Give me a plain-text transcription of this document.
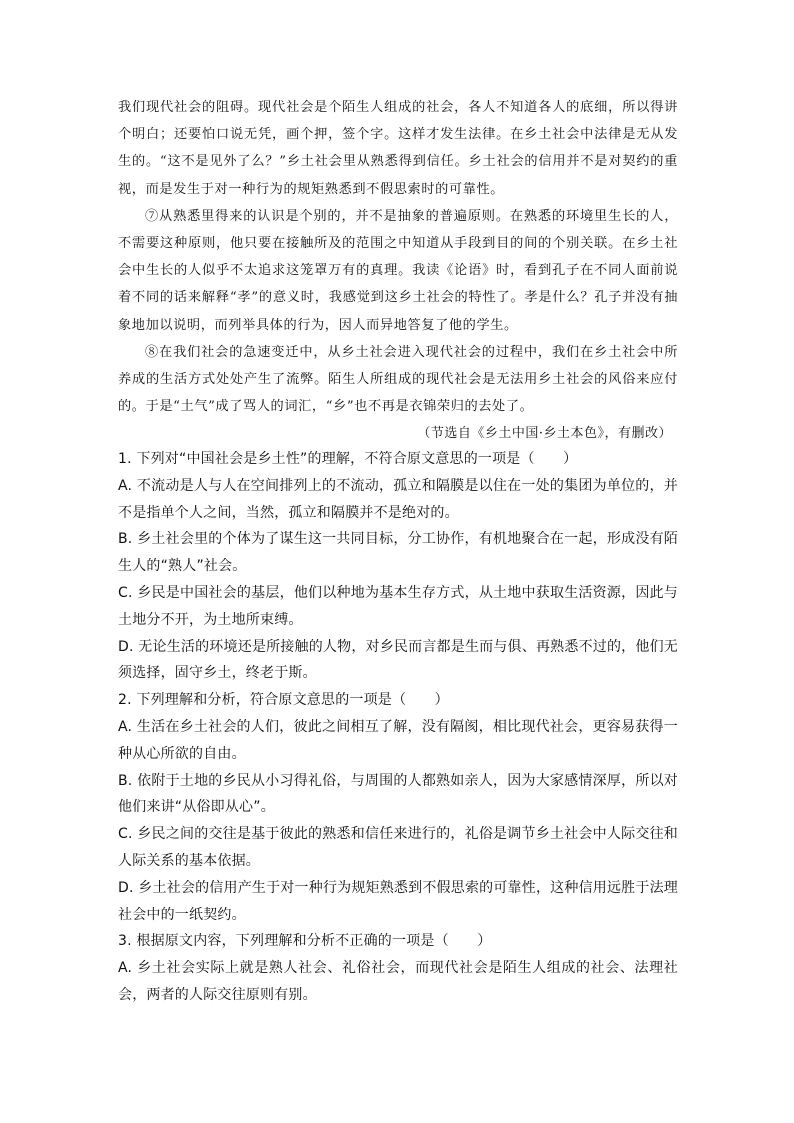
我们现代社会的阻碍。现代社会是个陌生人组成的社会，各人不知道各人的底细，所以得讲个明白；还要怕口说无凭，画个押，签个字。这样才发生法律。在乡土社会中法律是无从发生的。“这不是见外了么？”乡土社会里从熟悉得到信任。乡土社会的信用并不是对契约的重视，而是发生于对一种行为的规矩熟悉到不假思索时的可靠性。

⑦从熟悉里得来的认识是个别的，并不是抽象的普遍原则。在熟悉的环境里生长的人，不需要这种原则，他只要在接触所及的范围之中知道从手段到目的间的个别关联。在乡土社会中生长的人似乎不太追求这笼罩万有的真理。我读《论语》时，看到孔子在不同人面前说着不同的话来解释“孝”的意义时，我感觉到这乡土社会的特性了。孝是什么？孔子并没有抽象地加以说明，而列举具体的行为，因人而异地答复了他的学生。

⑧在我们社会的急速变迁中，从乡土社会进入现代社会的过程中，我们在乡土社会中所养成的生活方式处处产生了流弊。陌生人所组成的现代社会是无法用乡土社会的风俗来应付的。于是“土气”成了骂人的词汇，“乡”也不再是衣锦荣归的去处了。

（节选自《乡土中国·乡土本色》，有删改）

1. 下列对“中国社会是乡土性”的理解，不符合原文意思的一项是（　　）

A. 不流动是人与人在空间排列上的不流动，孤立和隔膜是以住在一处的集团为单位的，并不是指单个人之间，当然，孤立和隔膜并不是绝对的。

B. 乡土社会里的个体为了谋生这一共同目标，分工协作，有机地聚合在一起，形成没有陌生人的“熟人”社会。

C. 乡民是中国社会的基层，他们以种地为基本生存方式，从土地中获取生活资源，因此与土地分不开，为土地所束缚。

D. 无论生活的环境还是所接触的人物，对乡民而言都是生而与俱、再熟悉不过的，他们无须选择，固守乡土，终老于斯。

2. 下列理解和分析，符合原文意思的一项是（　　）

A. 生活在乡土社会的人们，彼此之间相互了解，没有隔阂，相比现代社会，更容易获得一种从心所欲的自由。

B. 依附于土地的乡民从小习得礼俗，与周围的人都熟如亲人，因为大家感情深厚，所以对他们来讲“从俗即从心”。

C. 乡民之间的交往是基于彼此的熟悉和信任来进行的，礼俗是调节乡土社会中人际交往和人际关系的基本依据。

D. 乡土社会的信用产生于对一种行为规矩熟悉到不假思索的可靠性，这种信用远胜于法理社会中的一纸契约。

3. 根据原文内容，下列理解和分析不正确的一项是（　　）

A. 乡土社会实际上就是熟人社会、礼俗社会，而现代社会是陌生人组成的社会、法理社会，两者的人际交往原则有别。
